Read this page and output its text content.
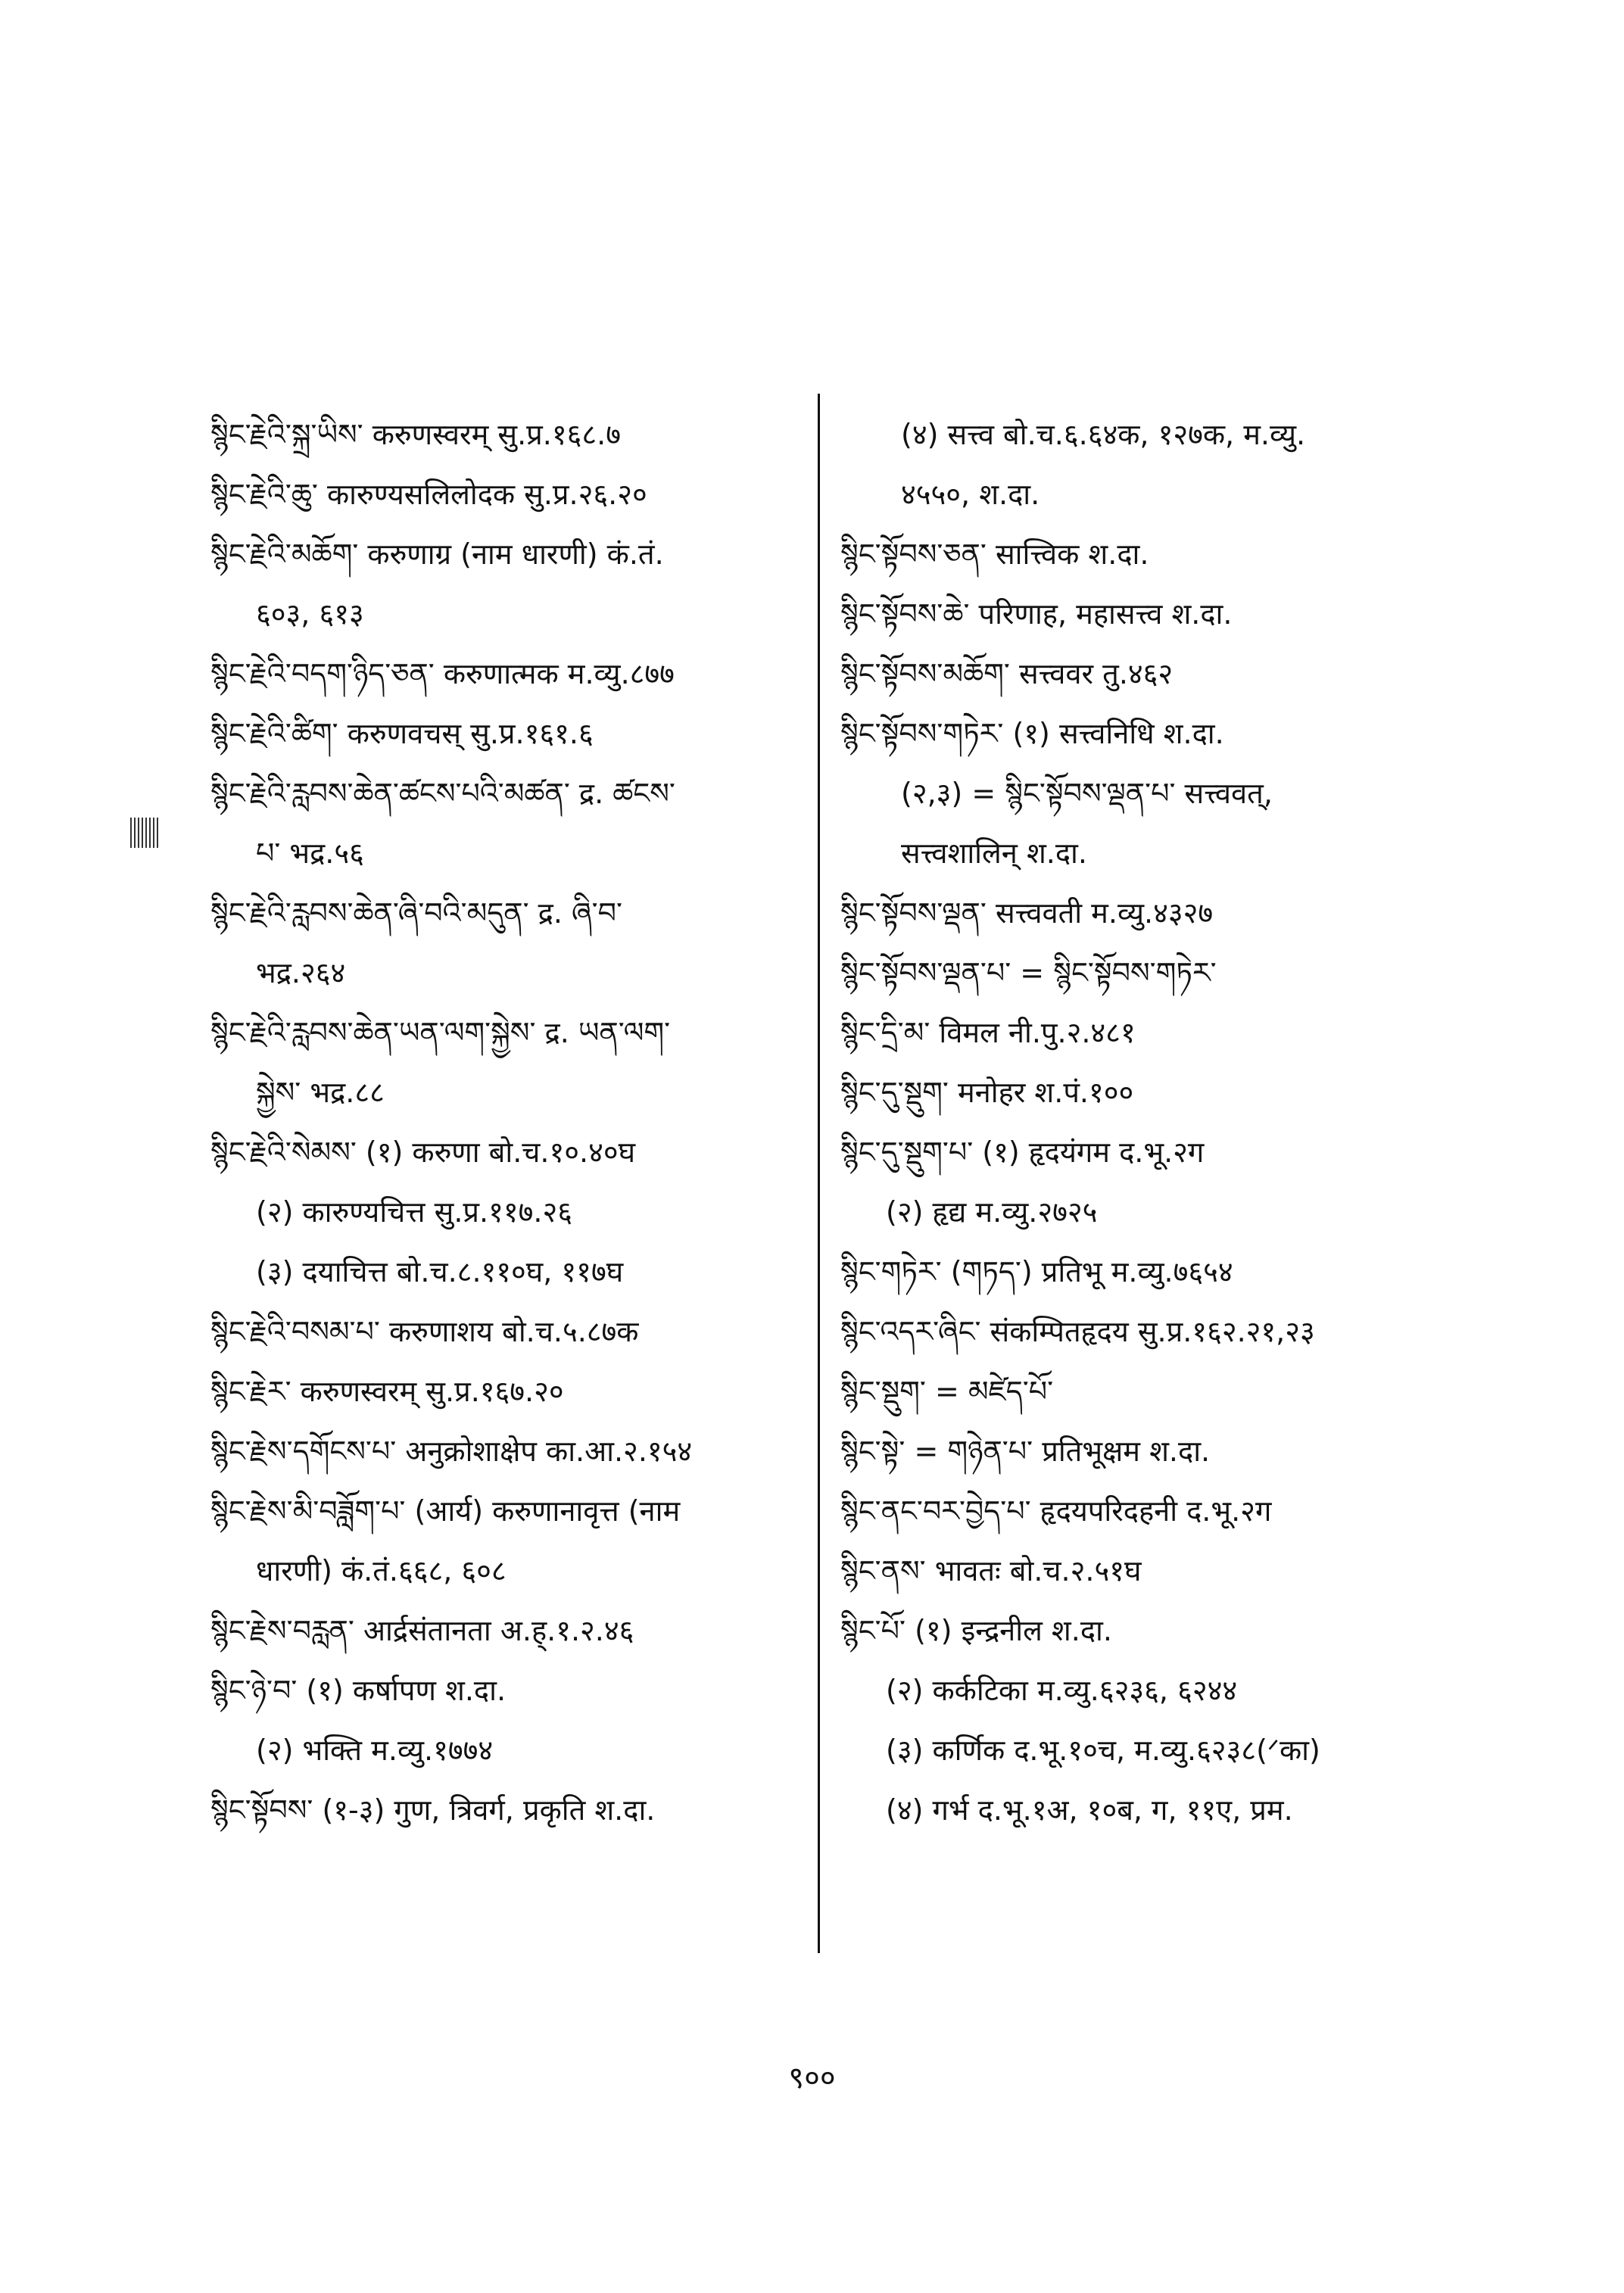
སྙིང་རྗེའི་སྐྲ་ཡིས་ करुणस्वरम् सु.प्र.१६८.७
སྙིང་རྗེའི་ཆུ་ कारुण्यसलिलोदक सु.प्र.२६.२०
སྙིང་རྗེའི་མཆོག་ करुणाग्र (नाम धारणी) कं.तं.
६०३, ६१३
སྙིང་རྗེའི་བདག་ཉིད་ཅན་ करुणात्मक म.व्यु.८७७
སྙིང་རྗེའི་ཚིག་ करुणवचस् सु.प्र.१६१.६
སྙིང་རྗེའི་རླབས་ཆེན་ཚངས་པའི་མཚན་ द्र. ཚངས་
པ་ भद्र.५६
སྙིང་རྗེའི་རླབས་ཆེན་ཞི་བའི་མདུན་ द्र. ཞི་བ་
भद्र.२६४
སྙིང་རྗེའི་རླབས་ཆེན་ཡན་ལག་སྐྱེས་ द्र. ཡན་ལག་
སྐྱེས་ भद्र.८८
སྙིང་རྗེའི་སེམས་ (१) करुणा बो.च.१०.४०घ
(२) कारुण्यचित्त सु.प्र.११७.२६
(३) दयाचित्त बो.च.८.११०घ, ११७घ
སྙིང་རྗེའི་བསམ་པ་ करुणाशय बो.च.५.८७क
སྙིང་རྗེར་ करुणस्वरम् सु.प्र.१६७.२०
སྙིང་རྗེས་དགོངས་པ་ अनुक्रोशाक्षेप का.आ.२.१५४
སྙིང་རྗེས་མི་བཟློག་པ་ (आर्य) करुणानावृत्त (नाम
धारणी) कं.तं.६६८, ६०८
སྙིང་རྗེས་བརླན་ आर्द्रसंतानता अ.ह्.१.२.४६
སྙིང་ཉེ་བ་ (१) कर्षापण श.दा.
(२) भक्ति म.व्यु.१७७४
སྙིང་སྟོབས་ (१-३) गुण, त्रिवर्ग, प्रकृति श.दा.
(४) सत्त्व बो.च.६.६४क, १२७क, म.व्यु.
४५५०, श.दा.
སྙིང་སྟོབས་ཅན་ सात्त्विक श.दा.
སྙིང་སྟོབས་ཆེ་ परिणाह, महासत्त्व श.दा.
སྙིང་སྟོབས་མཆོག་ सत्त्ववर तु.४६२
སྙིང་སྟོབས་གཏེར་ (१) सत्त्वनिधि श.दा.
(२,३) = སྙིང་སྟོབས་ལྡན་པ་ सत्त्ववत्,
सत्त्वशालिन् श.दा.
སྙིང་སྟོབས་ལྡན་ सत्त्ववती म.व्यु.४३२७
སྙིང་སྟོབས་ལྡན་པ་ = སྙིང་སྟོབས་གཏེར་
སྙིང་དྲི་མ་ विमल नी.पु.२.४८१
སྙིང་དུ་སྡུག་ मनोहर श.पं.१००
སྙིང་དུ་སྡུག་པ་ (१) हृदयंगम द.भू.२ग
(२) हृद्य म.व्यु.२७२५
སྙིང་གཏེར་ (གཏད་) प्रतिभू म.व्यु.७६५४
སྙིང་འདར་ཞིང་ संकम्पितहृदय सु.प्र.१६२.२१,२३
སྙིང་སྡུག་ = མཛེད་པོ་
སྙིང་སྟེ་ = གཉེན་པ་ प्रतिभूक्षम श.दा.
སྙིང་ནང་བར་བྱེད་པ་ हृदयपरिदहनी द.भू.२ग
སྙིང་ནས་ भावतः बो.च.२.५१घ
སྙིང་པོ་ (१) इन्द्रनील श.दा.
(२) कर्कटिका म.व्यु.६२३६, ६२४४
(३) कर्णिक द.भू.१०च, म.व्यु.६२३८(ᐟका)
(४) गर्भ द.भू.१अ, १०ब, ग, ११ए, प्रम.
९००
